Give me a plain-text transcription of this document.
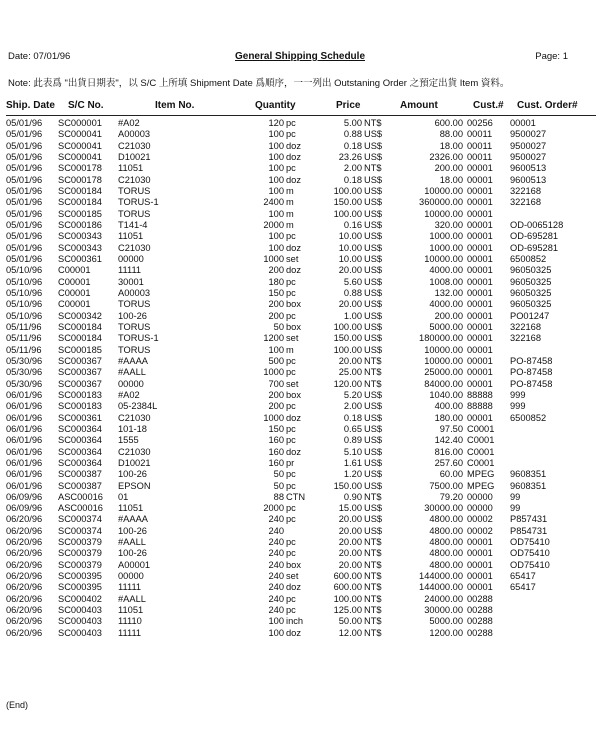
Date: 07/01/96	General Shipping Schedule	Page: 1
Note: 此表爲 "出貨日期表"，以 S/C 上所填 Shipment Date 爲順序，一一列出 Outstaning Order 之預定出貨 Item 資料。
Ship. Date S/C No.	Item No.	Quantity	Price	Amount	Cust.# Cust. Order#
05/01/96 SC000001 #A02	120 pc	5.00 NT$	600.00 00256 00001
05/01/96 SC000041 A00003	100 pc	0.88 US$	88.00 00011 9500027
05/01/96 SC000041 C21030	100 doz	0.18 US$	18.00 00011 9500027
05/01/96 SC000041 D10021	100 doz	23.26 US$	2326.00 00011 9500027
05/01/96 SC000178 11051	100 pc	2.00 NT$	200.00 00001 9600513
05/01/96 SC000178 C21030	100 doz	0.18 US$	18.00 00001 9600513
05/01/96 SC000184 TORUS	100 m	100.00 US$	10000.00 00001 322168
05/01/96 SC000184 TORUS-1	2400 m	150.00 US$	360000.00 00001 322168
05/01/96 SC000185 TORUS	100 m	100.00 US$	10000.00 00001
05/01/96 SC000186 T141-4	2000 m	0.16 US$	320.00 00001 OD-0065128
05/01/96 SC000343 11051	100 pc	10.00 US$	1000.00 00001 OD-695281
05/01/96 SC000343 C21030	100 doz	10.00 US$	1000.00 00001 OD-695281
05/01/96 SC000361 00000	1000 set	10.00 US$	10000.00 00001 6500852
05/10/96 C00001	11111	200 doz	20.00 US$	4000.00 00001 96050325
05/10/96 C00001	30001	180 pc	5.60 US$	1008.00 00001 96050325
05/10/96 C00001	A00003	150 pc	0.88 US$	132.00 00001 96050325
05/10/96 C00001	TORUS	200 box	20.00 US$	4000.00 00001 96050325
05/10/96 SC000342 100-26	200 pc	1.00 US$	200.00 00001 PO01247
05/11/96 SC000184 TORUS	50 box	100.00 US$	5000.00 00001 322168
05/11/96 SC000184 TORUS-1	1200 set	150.00 US$	180000.00 00001 322168
05/11/96 SC000185 TORUS	100 m	100.00 US$	10000.00 00001
05/30/96 SC000367 #AAAA	500 pc	20.00 NT$	10000.00 00001 PO-87458
05/30/96 SC000367 #AALL	1000 pc	25.00 NT$	25000.00 00001 PO-87458
05/30/96 SC000367 00000	700 set	120.00 NT$	84000.00 00001 PO-87458
06/01/96 SC000183 #A02	200 box	5.20 US$	1040.00 88888 999
06/01/96 SC000183 05-2384L	200 pc	2.00 US$	400.00 88888 999
06/01/96 SC000361 C21030	1000 doz	0.18 US$	180.00 00001 6500852
06/01/96 SC000364 101-18	150 pc	0.65 US$	97.50 C0001
06/01/96 SC000364 1555	160 pc	0.89 US$	142.40 C0001
06/01/96 SC000364 C21030	160 doz	5.10 US$	816.00 C0001
06/01/96 SC000364 D10021	160 pr	1.61 US$	257.60 C0001
06/01/96 SC000387 100-26	50 pc	1.20 US$	60.00 MPEG 9608351
06/01/96 SC000387 EPSON	50 pc	150.00 US$	7500.00 MPEG 9608351
06/09/96 ASC00016 01	88 CTN	0.90 NT$	79.20 00000 99
06/09/96 ASC00016 11051	2000 pc	15.00 US$	30000.00 00000 99
06/20/96 SC000374 #AAAA	240 pc	20.00 US$	4800.00 00002 P857431
06/20/96 SC000374 100-26	240	20.00 US$	4800.00 00002 P854731
06/20/96 SC000379 #AALL	240 pc	20.00 NT$	4800.00 00001 OD75410
06/20/96 SC000379 100-26	240 pc	20.00 NT$	4800.00 00001 OD75410
06/20/96 SC000379 A00001	240 box	20.00 NT$	4800.00 00001 OD75410
06/20/96 SC000395 00000	240 set	600.00 NT$	144000.00 00001 65417
06/20/96 SC000395 11111	240 doz	600.00 NT$	144000.00 00001 65417
06/20/96 SC000402 #AALL	240 pc	100.00 NT$	24000.00 00288
06/20/96 SC000403 11051	240 pc	125.00 NT$	30000.00 00288
06/20/96 SC000403 11110	100 inch	50.00 NT$	5000.00 00288
06/20/96 SC000403 11111	100 doz	12.00 NT$	1200.00 00288
(End)
